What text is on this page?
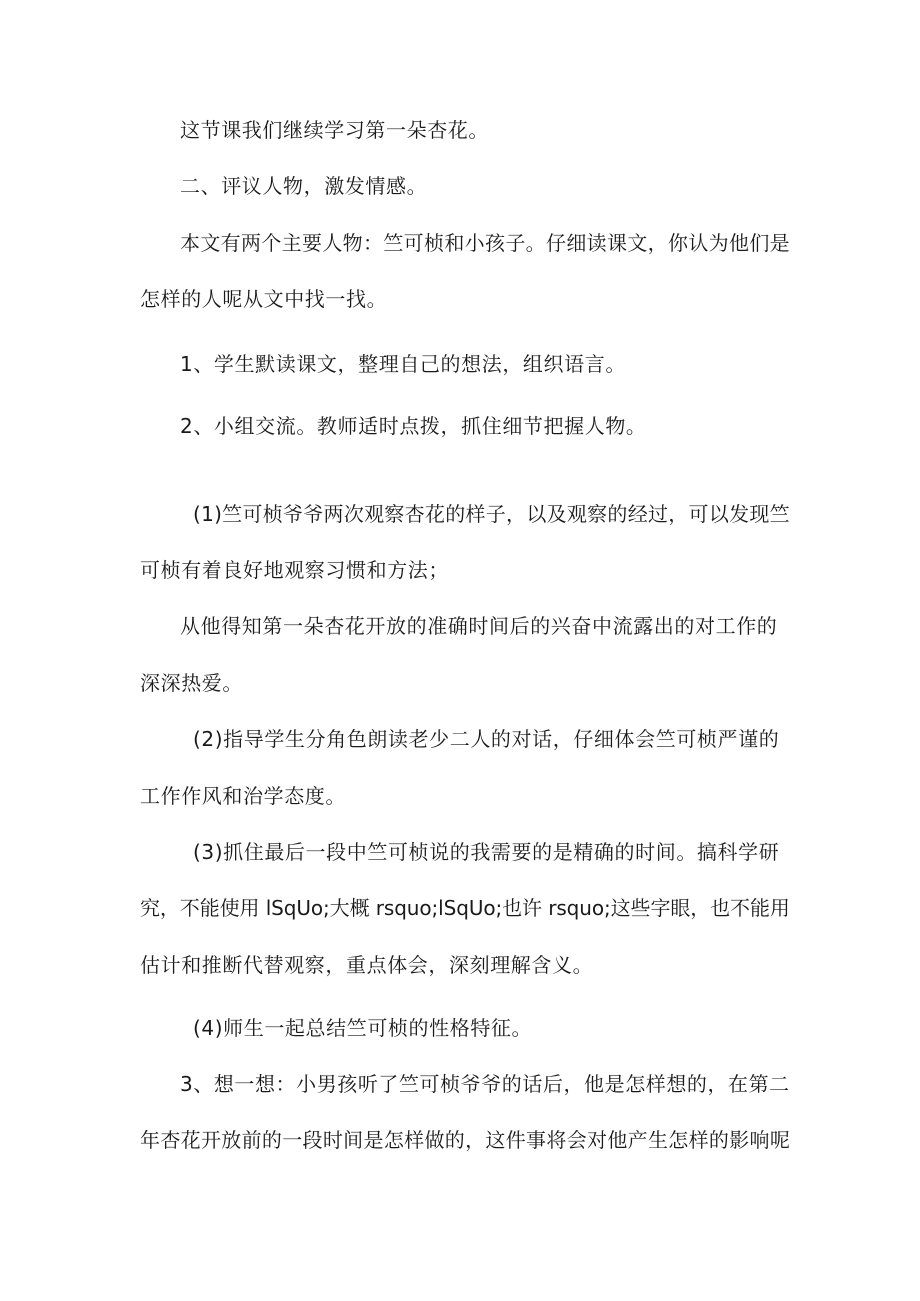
这节课我们继续学习第一朵杏花。
二、评议人物，激发情感。
本文有两个主要人物：竺可桢和小孩子。仔细读课文，你认为他们是
怎样的人呢从文中找一找。
1、学生默读课文，整理自己的想法，组织语言。
2、小组交流。教师适时点拨，抓住细节把握人物。
(1)竺可桢爷爷两次观察杏花的样子，以及观察的经过，可以发现竺
可桢有着良好地观察习惯和方法；
从他得知第一朵杏花开放的准确时间后的兴奋中流露出的对工作的
深深热爱。
(2)指导学生分角色朗读老少二人的对话，仔细体会竺可桢严谨的
工作作风和治学态度。
(3)抓住最后一段中竺可桢说的我需要的是精确的时间。搞科学研
究，不能使用 lSqUo;大概 rsquo;lSqUo;也许 rsquo;这些字眼，也不能用
估计和推断代替观察，重点体会，深刻理解含义。
(4)师生一起总结竺可桢的性格特征。
3、想一想：小男孩听了竺可桢爷爷的话后，他是怎样想的，在第二
年杏花开放前的一段时间是怎样做的，这件事将会对他产生怎样的影响呢
